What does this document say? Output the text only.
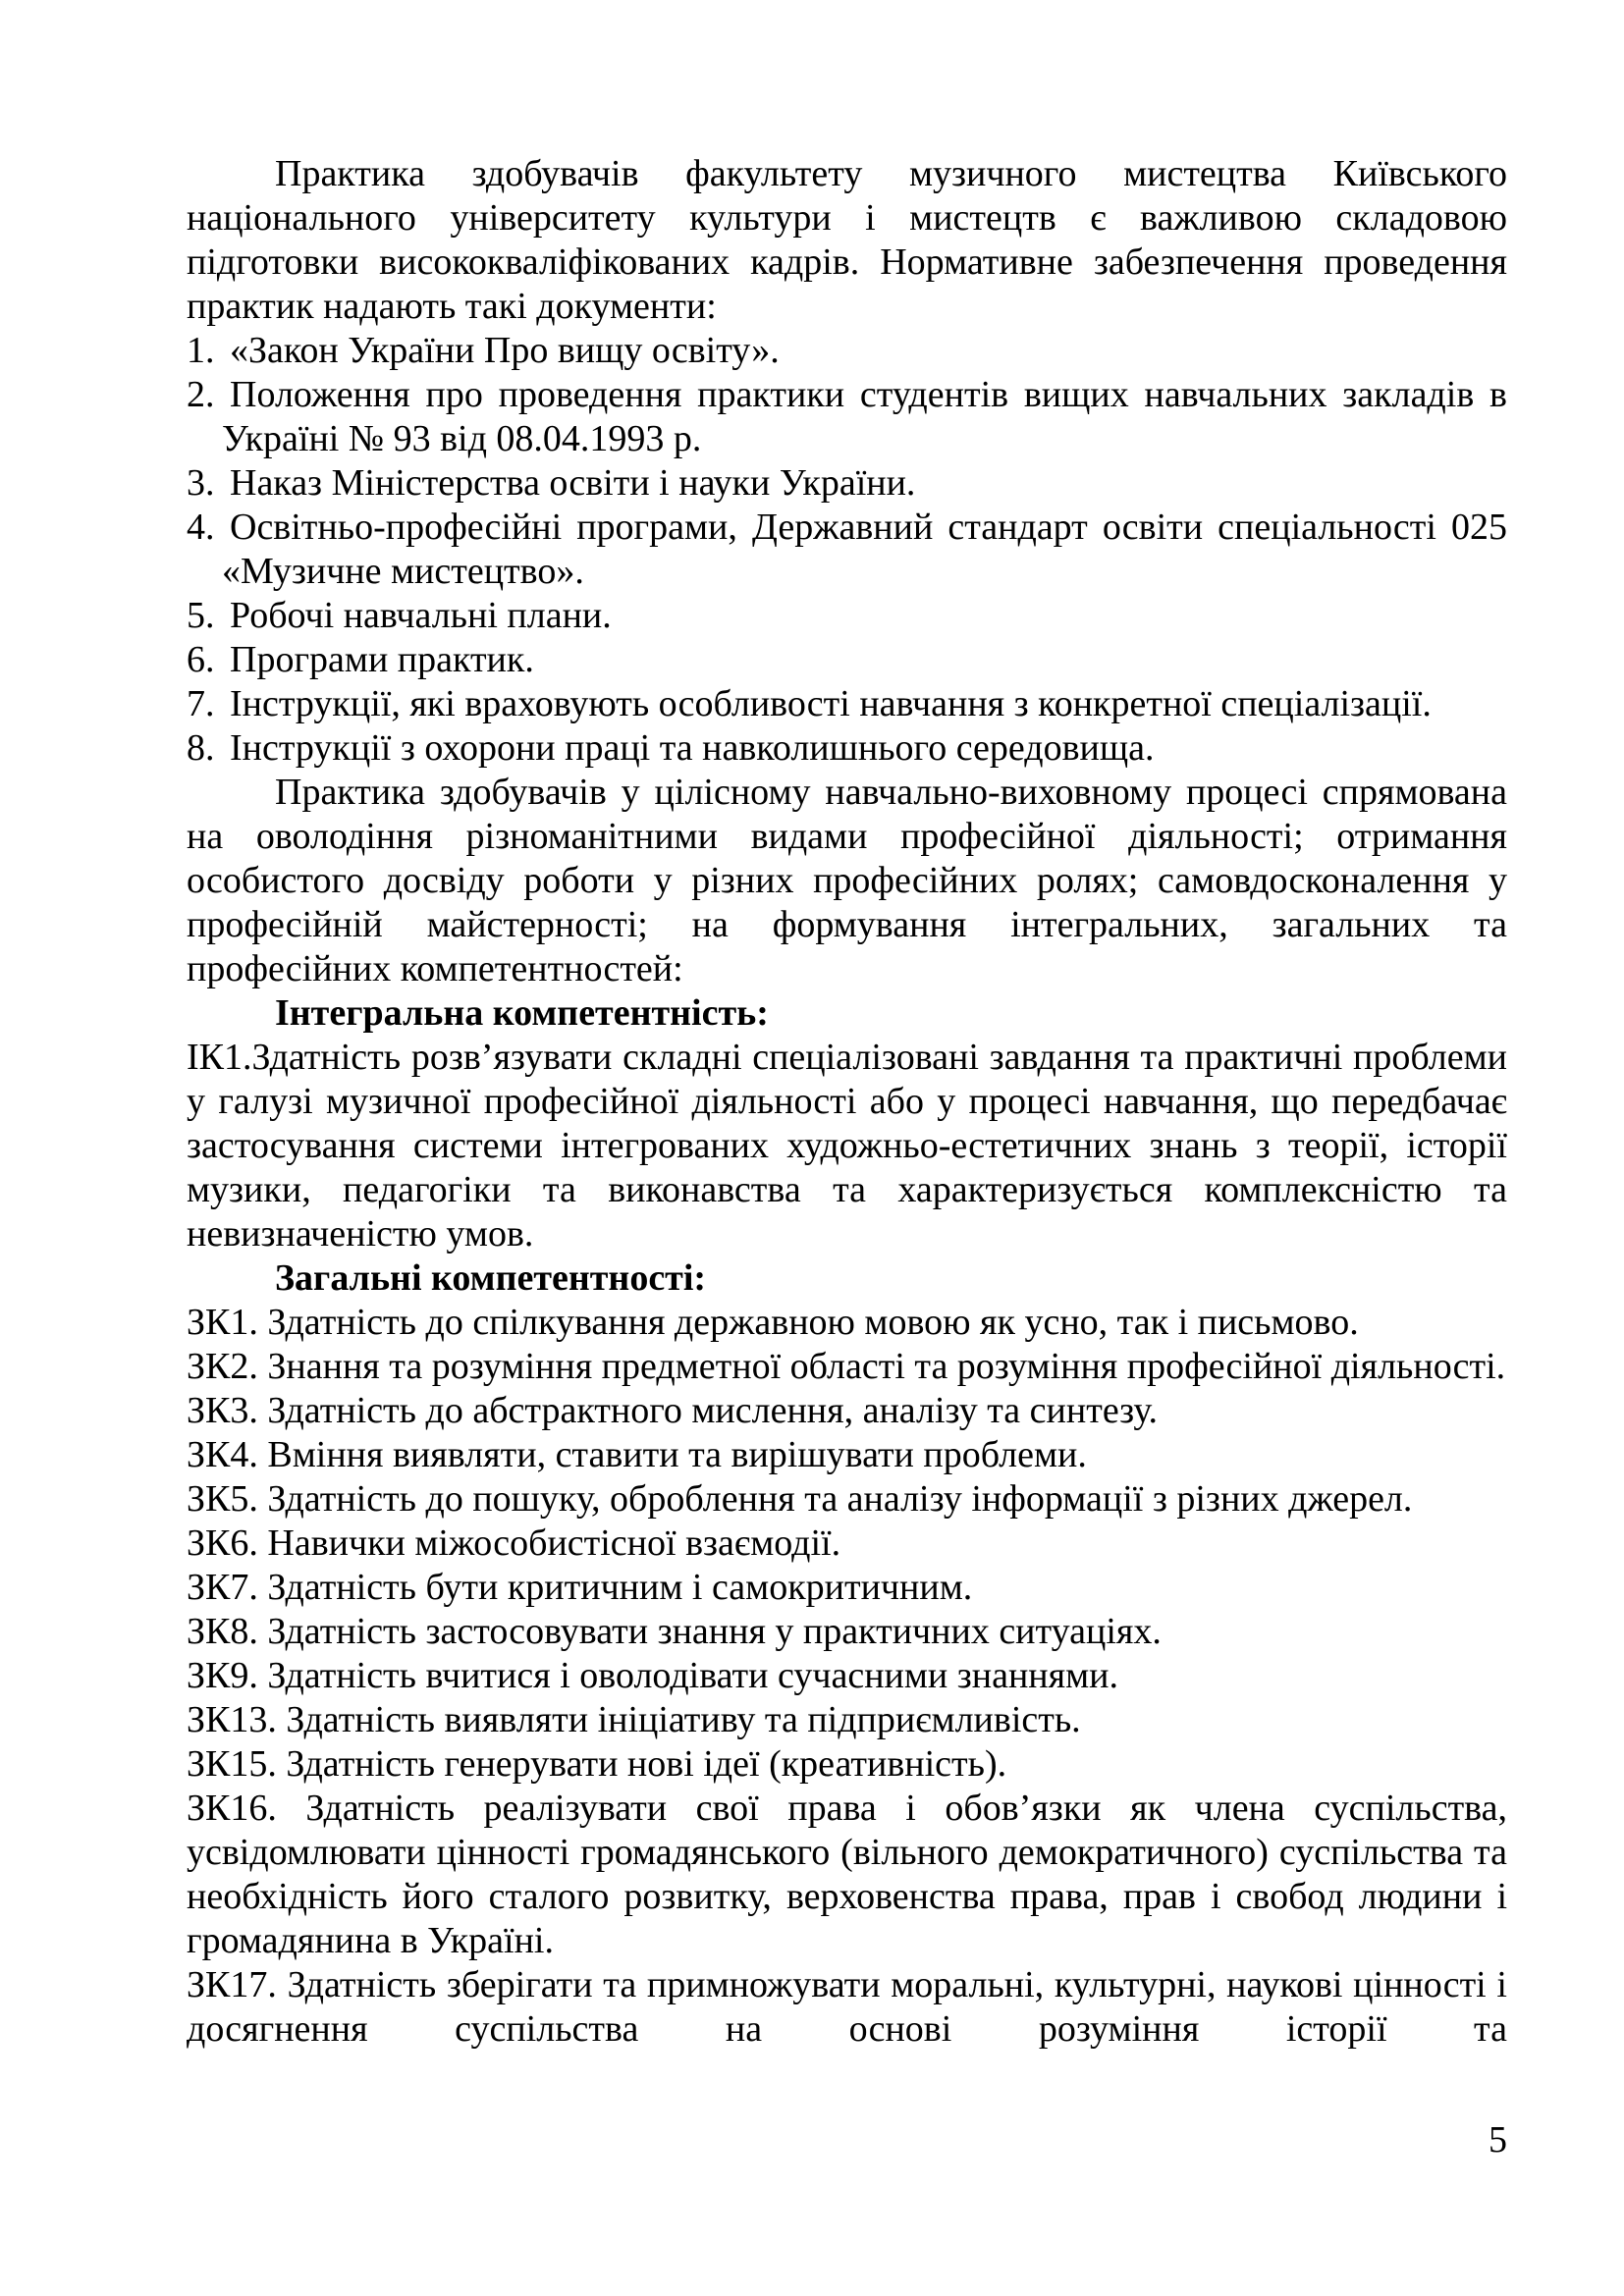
Практика здобувачів факультету музичного мистецтва Київського національного університету культури і мистецтв є важливою складовою підготовки висококваліфікованих кадрів. Нормативне забезпечення проведення практик надають такі документи:

1. «Закон України Про вищу освіту».
2. Положення про проведення практики студентів вищих навчальних закладів в Україні № 93 від 08.04.1993 р.
3. Наказ Міністерства освіти і науки України.
4. Освітньо-професійні програми, Державний стандарт освіти спеціальності 025 «Музичне мистецтво».
5. Робочі навчальні плани.
6. Програми практик.
7. Інструкції, які враховують особливості навчання з конкретної спеціалізації.
8. Інструкції з охорони праці та навколишнього середовища.

Практика здобувачів у цілісному навчально-виховному процесі спрямована на оволодіння різноманітними видами професійної діяльності; отримання особистого досвіду роботи у різних професійних ролях; самовдосконалення у професійній майстерності; на формування інтегральних, загальних та професійних компетентностей:

Інтегральна компетентність:

ІК1.Здатність розв’язувати складні спеціалізовані завдання та практичні проблеми у галузі музичної професійної діяльності або у процесі навчання, що передбачає застосування системи інтегрованих художньо-естетичних знань з теорії, історії музики, педагогіки та виконавства та характеризується комплексністю та невизначеністю умов.

Загальні компетентності:

ЗК1. Здатність до спілкування державною мовою як усно, так і письмово.

ЗК2. Знання та розуміння предметної області та розуміння професійної діяльності.

ЗК3. Здатність до абстрактного мислення, аналізу та синтезу.

ЗК4. Вміння виявляти, ставити та вирішувати проблеми.

ЗК5. Здатність до пошуку, оброблення та аналізу інформації з різних джерел.

ЗК6. Навички міжособистісної взаємодії.

ЗК7. Здатність бути критичним і самокритичним.

ЗК8. Здатність застосовувати знання у практичних ситуаціях.

ЗК9. Здатність вчитися і оволодівати сучасними знаннями.

ЗК13. Здатність виявляти ініціативу та підприємливість.

ЗК15. Здатність генерувати нові ідеї (креативність).

ЗК16. Здатність реалізувати свої права і обов’язки як члена суспільства, усвідомлювати цінності громадянського (вільного демократичного) суспільства та необхідність його сталого розвитку, верховенства права, прав і свобод людини і громадянина в Україні.

ЗК17. Здатність зберігати та примножувати моральні, культурні, наукові цінності і досягнення суспільства на основі розуміння історії та

5
